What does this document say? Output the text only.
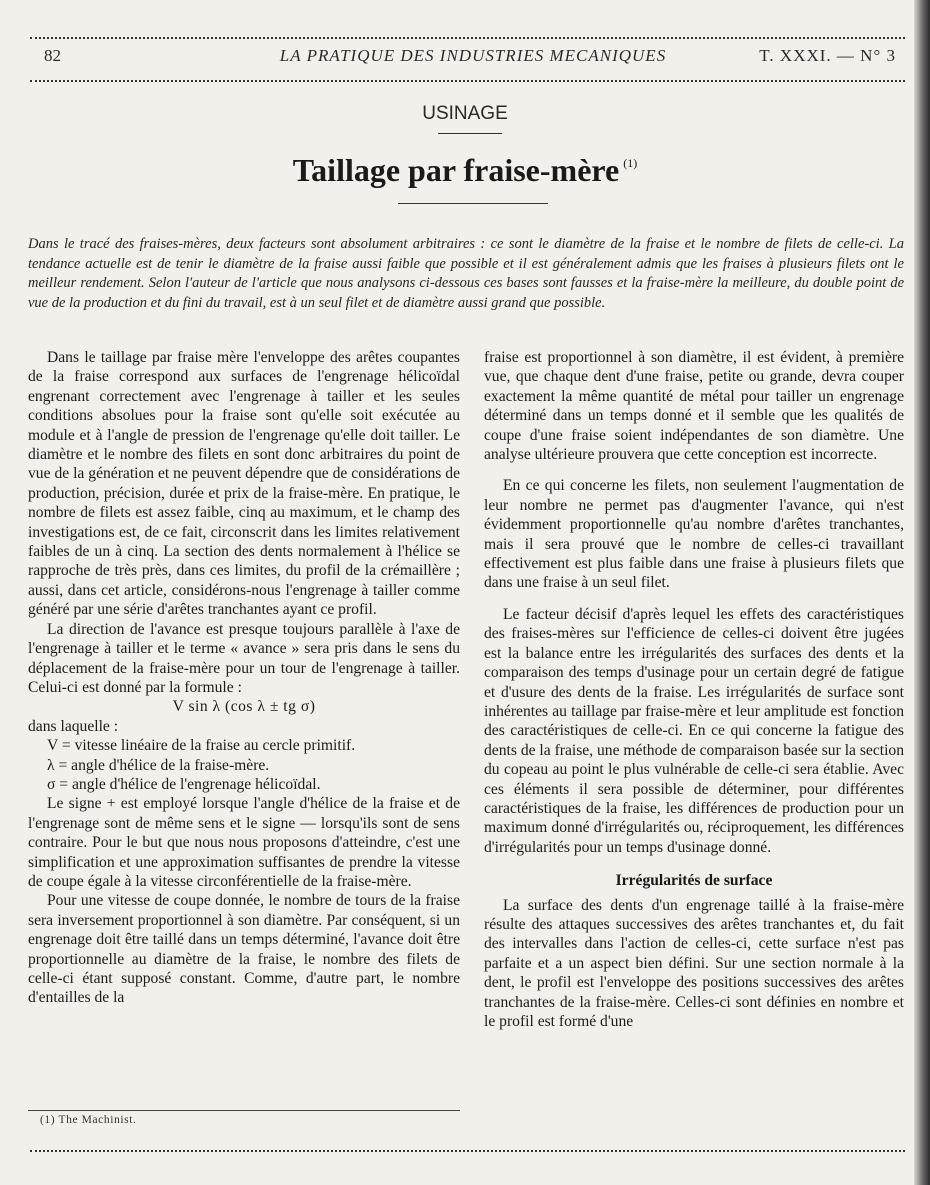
82	LA PRATIQUE DES INDUSTRIES MECANIQUES	T. XXXI. — N° 3
USINAGE
Taillage par fraise-mère $^{(1)}$
Dans le tracé des fraises-mères, deux facteurs sont absolument arbitraires : ce sont le diamètre de la fraise et le nombre de filets de celle-ci. La tendance actuelle est de tenir le diamètre de la fraise aussi faible que possible et il est généralement admis que les fraises à plusieurs filets ont le meilleur rendement. Selon l'auteur de l'article que nous analysons ci-dessous ces bases sont fausses et la fraise-mère la meilleure, du double point de vue de la production et du fini du travail, est à un seul filet et de diamètre aussi grand que possible.

Dans le taillage par fraise mère l'enveloppe des arêtes coupantes de la fraise correspond aux surfaces de l'engrenage hélicoïdal engrenant correctement avec l'engrenage à tailler et les seules conditions absolues pour la fraise sont qu'elle soit exécutée au module et à l'angle de pression de l'engrenage qu'elle doit tailler. Le diamètre et le nombre des filets en sont donc arbitraires du point de vue de la génération et ne peuvent dépendre que de considérations de production, précision, durée et prix de la fraise-mère. En pratique, le nombre de filets est assez faible, cinq au maximum, et le champ des investigations est, de ce fait, circonscrit dans les limites relativement faibles de un à cinq. La section des dents normalement à l'hélice se rapproche de très près, dans ces limites, du profil de la crémaillère ; aussi, dans cet article, considérons-nous l'engrenage à tailler comme généré par une série d'arêtes tranchantes ayant ce profil.

La direction de l'avance est presque toujours parallèle à l'axe de l'engrenage à tailler et le terme « avance » sera pris dans le sens du déplacement de la fraise-mère pour un tour de l'engrenage à tailler. Celui-ci est donné par la formule :

V sin λ (cos λ ± tg σ)

dans laquelle :

V = vitesse linéaire de la fraise au cercle primitif.

λ = angle d'hélice de la fraise-mère.

σ = angle d'hélice de l'engrenage hélicoïdal.

Le signe + est employé lorsque l'angle d'hélice de la fraise et de l'engrenage sont de même sens et le signe — lorsqu'ils sont de sens contraire. Pour le but que nous nous proposons d'atteindre, c'est une simplification et une approximation suffisantes de prendre la vitesse de coupe égale à la vitesse circonférentielle de la fraise-mère.

Pour une vitesse de coupe donnée, le nombre de tours de la fraise sera inversement proportionnel à son diamètre. Par conséquent, si un engrenage doit être taillé dans un temps déterminé, l'avance doit être proportionnelle au diamètre de la fraise, le nombre des filets de celle-ci étant supposé constant. Comme, d'autre part, le nombre d'entailles de la

(1) The Machinist.

fraise est proportionnel à son diamètre, il est évident, à première vue, que chaque dent d'une fraise, petite ou grande, devra couper exactement la même quantité de métal pour tailler un engrenage déterminé dans un temps donné et il semble que les qualités de coupe d'une fraise soient indépendantes de son diamètre. Une analyse ultérieure prouvera que cette conception est incorrecte.

En ce qui concerne les filets, non seulement l'augmentation de leur nombre ne permet pas d'augmenter l'avance, qui n'est évidemment proportionnelle qu'au nombre d'arêtes tranchantes, mais il sera prouvé que le nombre de celles-ci travaillant effectivement est plus faible dans une fraise à plusieurs filets que dans une fraise à un seul filet.

Le facteur décisif d'après lequel les effets des caractéristiques des fraises-mères sur l'efficience de celles-ci doivent être jugées est la balance entre les irrégularités des surfaces des dents et la comparaison des temps d'usinage pour un certain degré de fatigue et d'usure des dents de la fraise. Les irrégularités de surface sont inhérentes au taillage par fraise-mère et leur amplitude est fonction des caractéristiques de celle-ci. En ce qui concerne la fatigue des dents de la fraise, une méthode de comparaison basée sur la section du copeau au point le plus vulnérable de celle-ci sera établie. Avec ces éléments il sera possible de déterminer, pour différentes caractéristiques de la fraise, les différences de production pour un maximum donné d'irrégularités ou, réciproquement, les différences d'irrégularités pour un temps d'usinage donné.

Irrégularités de surface

La surface des dents d'un engrenage taillé à la fraise-mère résulte des attaques successives des arêtes tranchantes et, du fait des intervalles dans l'action de celles-ci, cette surface n'est pas parfaite et a un aspect bien défini. Sur une section normale à la dent, le profil est l'enveloppe des positions successives des arêtes tranchantes de la fraise-mère. Celles-ci sont définies en nombre et le profil est formé d'une
